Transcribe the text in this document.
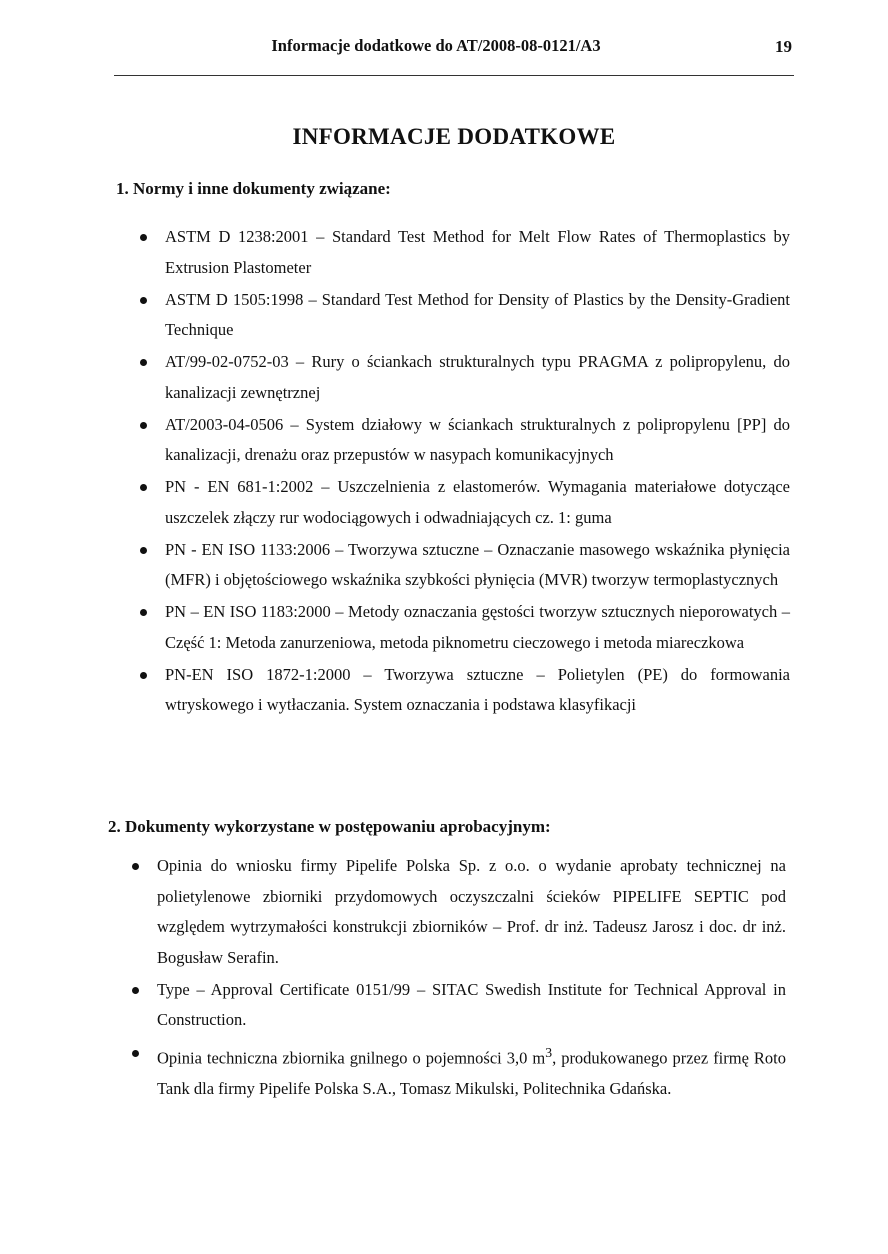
Informacje dodatkowe do AT/2008-08-0121/A3	19
INFORMACJE DODATKOWE
1. Normy i inne dokumenty związane:
ASTM D 1238:2001 – Standard Test Method for Melt Flow Rates of Thermoplastics by Extrusion Plastometer
ASTM D 1505:1998 – Standard Test Method for Density of Plastics by the Density-Gradient Technique
AT/99-02-0752-03 – Rury o ściankach strukturalnych typu PRAGMA z polipropylenu, do kanalizacji zewnętrznej
AT/2003-04-0506 – System działowy w ściankach strukturalnych z polipropylenu [PP] do kanalizacji, drenażu oraz przepustów w nasypach komunikacyjnych
PN - EN 681-1:2002 – Uszczelnienia z elastomerów. Wymagania materiałowe dotyczące uszczelek złączy rur wodociągowych i odwadniających cz. 1: guma
PN - EN ISO 1133:2006 – Tworzywa sztuczne – Oznaczanie masowego wskaźnika płynięcia (MFR) i objętościowego wskaźnika szybkości płynięcia (MVR) tworzyw termoplastycznych
PN – EN ISO 1183:2000 – Metody oznaczania gęstości tworzyw sztucznych nieporowatych – Część 1: Metoda zanurzeniowa, metoda piknometru cieczowego i metoda miareczkowa
PN-EN ISO 1872-1:2000 – Tworzywa sztuczne – Polietylen (PE) do formowania wtryskowego i wytłaczania. System oznaczania i podstawa klasyfikacji
2. Dokumenty wykorzystane w postępowaniu aprobacyjnym:
Opinia do wniosku firmy Pipelife Polska Sp. z o.o. o wydanie aprobaty technicznej na polietylenowe zbiorniki przydomowych oczyszczalni ścieków PIPELIFE SEPTIC pod względem wytrzymałości konstrukcji zbiorników – Prof. dr inż. Tadeusz Jarosz i doc. dr inż. Bogusław Serafin.
Type – Approval Certificate 0151/99 – SITAC Swedish Institute for Technical Approval in Construction.
Opinia techniczna zbiornika gnilnego o pojemności 3,0 $m^3$, produkowanego przez firmę Roto Tank dla firmy Pipelife Polska S.A., Tomasz Mikulski, Politechnika Gdańska.
